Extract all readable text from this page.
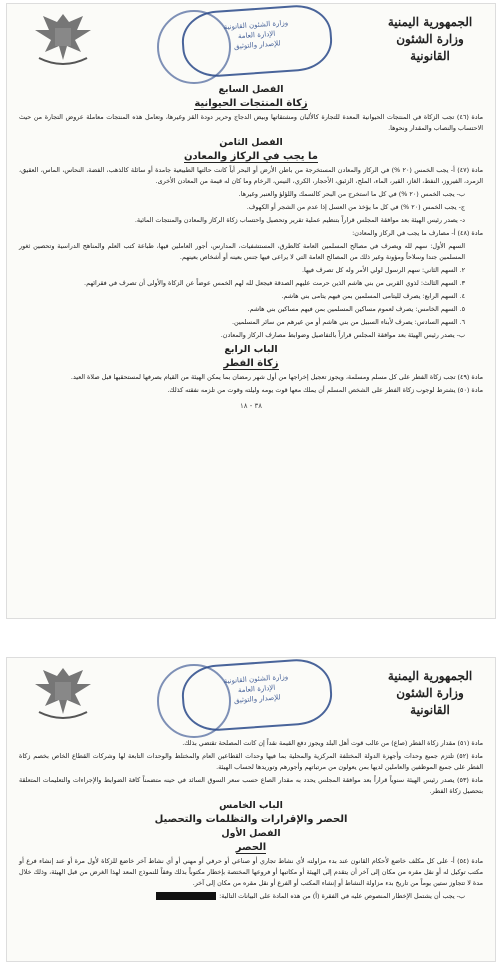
الجمهورية اليمنية
وزارة الشئون القانونية
وزارة الشئون القانونية
الإدارة العامة
للإصدار والتوثيق
الفصل السابع
زكاة المنتجات الحيوانية

مادة (٤٦) تجب الزكاة في المنتجات الحيوانية المعدة للتجارة كالألبان ومشتقاتها وبيض الدجاج وحرير دودة القز وغيرها، وتعامل هذه المنتجات معاملة عروض التجارة من حيث الاحتساب والنصاب والمقدار ونحوها.

الفصل الثامن
ما يجب في الركاز والمعادن

مادة (٤٧) أ- يجب الخمس (٢٠ %) في الركاز والمعادن المستخرجة من باطن الأرض أو البحر أياً كانت حالتها الطبيعية جامدة أو سائلة كالذهب، الفضة، النحاس، الماس، العقيق، الزمرد، الفيروز، النفط، الغاز، القير، الماء، الملح، الزئبق، الأحجار، الكري، النيس، الرخام وما كان له قيمة من المعادن الأخرى.

ب- يجب الخمس (٢٠ %) في كل ما استخرج من البحر كالسمك واللؤلؤ والعنبر وغيرها.

ج- يجب الخمس (٢٠ %) في كل ما يؤخذ من العسل إذا عدم من الشجر أو الكهوف.

د- يصدر رئيس الهيئة بعد موافقة المجلس قراراً بتنظيم عملية تقرير وتحصيل واحتساب زكاة الركاز والمعادن والمنتجات المائية.

مادة (٤٨) أ- مصارف ما يجب في الركاز والمعادن:

السهم الأول: سهم لله ويصرف في مصالح المسلمين العامة كالطرق، المستشفيات، المدارس، أجور العاملين فيها، طباعة كتب العلم والمناهج الدراسية وتحصين ثغور المسلمين جندا وسلاحاً ومؤونة وغير ذلك من المصالح العامة التي لا يراعى فيها جنس بعينه أو أشخاص بعينهم.

٢. السهم الثاني: سهم الرسول لولي الأمر وله كل تصرف فيها.

٣. السهم الثالث: لذوي القربى من بني هاشم الذين حرمت عليهم الصدقة فيجعل لله لهم الخمس عوضاً عن الزكاة والأولى أن تصرف في فقرائهم.

٤. السهم الرابع: يصرف لليتامى المسلمين بمن فيهم يتامى بني هاشم.

٥. السهم الخامس: يصرف لعموم مساكين المسلمين بمن فيهم مساكين بني هاشم.

٦. السهم السادس: يصرف لأبناء السبيل من بني هاشم أو من غيرهم من سائر المسلمين.

ب- يصدر رئيس الهيئة بعد موافقة المجلس قراراً بالتفاصيل وضوابط مصارف الركاز والمعادن.

الباب الرابع
زكاة الفطر

مادة (٤٩) تجب زكاة الفطر على كل مسلم ومسلمة، ويجوز تعجيل إخراجها من أول شهر رمضان بما يمكن الهيئة من القيام بصرفها لمستحقيها قبل صلاة العيد.

مادة (٥٠) يشترط لوجوب زكاة الفطر على الشخص المسلم أن يملك معها قوت يومه وليلته وقوت من تلزمه نفقته كذلك.

٣٨ - ١٨
الجمهورية اليمنية
وزارة الشئون القانونية
وزارة الشئون القانونية
الإدارة العامة
للإصدار والتوثيق

مادة (٥١) مقدار زكاة الفطر (صاع) من غالب قوت أهل البلد ويجوز دفع القيمة نقداً إن كانت المصلحة تقتضي بذلك.

مادة (٥٢) تلتزم جميع وحدات وأجهزة الدولة المختلفة المركزية والمحلية بما فيها وحدات القطاعين العام والمختلط والوحدات التابعة لها وشركات القطاع الخاص بخصم زكاة الفطر على جميع الموظفين والعاملين لديها بمن يعولون من مرتباتهم وأجورهم وتوريدها لحساب الهيئة.

مادة (٥٣) يصدر رئيس الهيئة سنوياً قراراً بعد موافقة المجلس يحدد به مقدار الصاع حسب سعر السوق السائد في حينه متضمناً كافة الضوابط والإجراءات والتعليمات المتعلقة بتحصيل زكاة الفطر.

الباب الخامس
الحصر والإقرارات والتظلمات والتحصيل
الفصل الأول
الحصر

مادة (٥٤) أ- على كل مكلف خاضع لأحكام القانون عند بدء مزاولته لأي نشاط تجاري أو صناعي أو حرفي أو مهني أو أي نشاط آخر خاضع للزكاة لأول مرة أو عند إنشاء فرع أو مكتب توكيل له أو نقل مقره من مكان إلى آخر أن يتقدم إلى الهيئة أو مكاتبها أو فروعها المختصة بإخطار مكتوباً بذلك وفقاً للنموذج المعد لهذا الغرض من قبل الهيئة، وذلك خلال مدة لا تتجاوز ستين يوماً من تاريخ بدء مزاولة النشاط أو إنشاء المكتب أو الفرع أو نقل مقره من مكان إلى آخر.

ب- يجب أن يشتمل الإخطار المنصوص عليه في الفقرة (أ) من هذه المادة على البيانات التالية:
